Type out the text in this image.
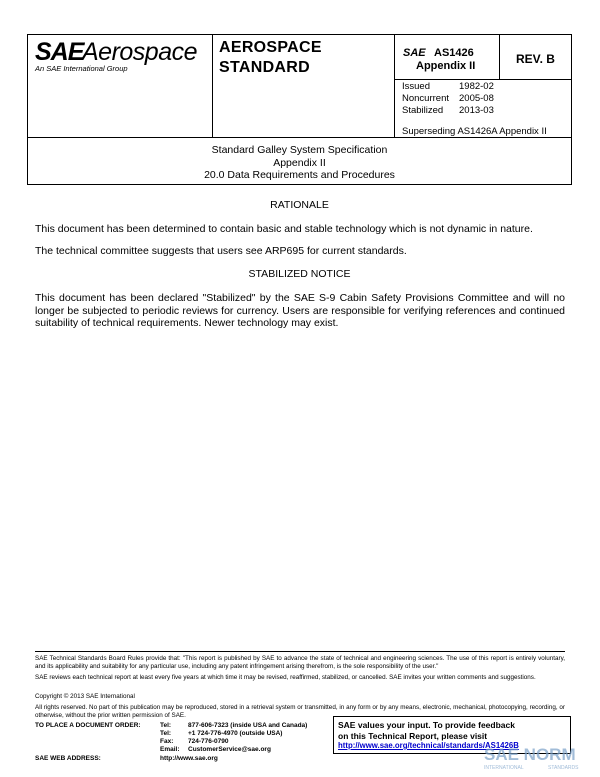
SAE
Aerospace
An SAE International Group
AEROSPACE
STANDARD
SAE AS1426
Appendix II	REV. B
Issued	1982-02
Noncurrent 2005-08
Stabilized 2013-03
Superseding AS1426A Appendix II
Standard Galley System Specification
Appendix II
20.0 Data Requirements and Procedures
RATIONALE
This document has been determined to contain basic and stable technology which is not dynamic in nature.
The technical committee suggests that users see ARP695 for current standards.
STABILIZED NOTICE
This document has been declared "Stabilized" by the SAE S-9 Cabin Safety Provisions Committee and will no longer be subjected to periodic reviews for currency. Users are responsible for verifying references and continued suitability of technical requirements. Newer technology may exist.
SAE Technical Standards Board Rules provide that: "This report is published by SAE to advance the state of technical and engineering sciences. The use of this report is entirely voluntary, and its applicability and suitability for any particular use, including any patent infringement arising therefrom, is the sole responsibility of the user."
SAE reviews each technical report at least every five years at which time it may be revised, reaffirmed, stabilized, or cancelled. SAE invites your written comments and suggestions.
Copyright © 2013 SAE International
All rights reserved. No part of this publication may be reproduced, stored in a retrieval system or transmitted, in any form or by any means, electronic, mechanical, photocopying, recording, or otherwise, without the prior written permission of SAE.
TO PLACE A DOCUMENT ORDER:	Tel:	877-606-7323 (inside USA and Canada)
Tel:	+1 724-776-4970 (outside USA)
Fax: 724-776-0790
Email: CustomerService@sae.org
SAE WEB ADDRESS:	http://www.sae.org
SAE values your input. To provide feedback
on this Technical Report, please visit
http://www.sae.org/technical/standards/AS1426B
SAE NORM
INTERNATIONAL	STANDARDS
